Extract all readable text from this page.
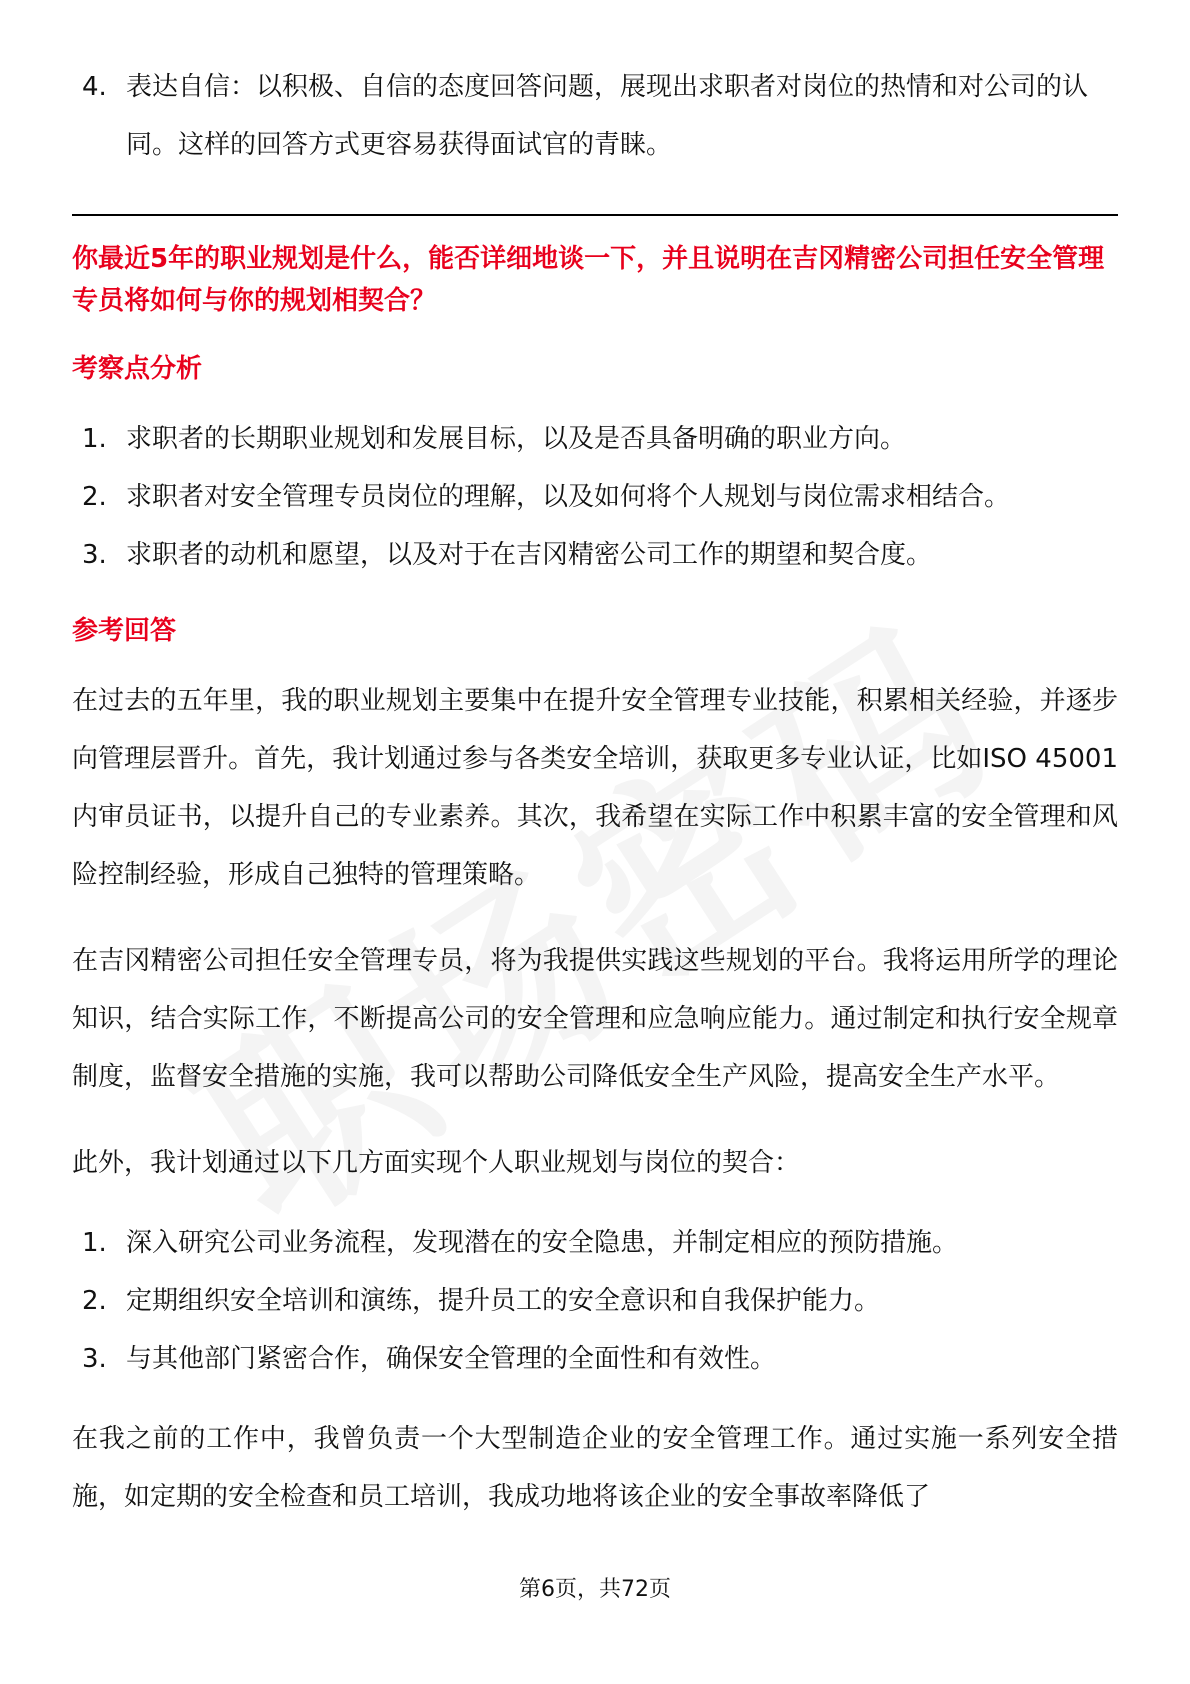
4. 表达自信：以积极、自信的态度回答问题，展现出求职者对岗位的热情和对公司的认同。这样的回答方式更容易获得面试官的青睐。
你最近5年的职业规划是什么，能否详细地谈一下，并且说明在吉冈精密公司担任安全管理专员将如何与你的规划相契合？
考察点分析
1. 求职者的长期职业规划和发展目标，以及是否具备明确的职业方向。
2. 求职者对安全管理专员岗位的理解，以及如何将个人规划与岗位需求相结合。
3. 求职者的动机和愿望，以及对于在吉冈精密公司工作的期望和契合度。
参考回答
在过去的五年里，我的职业规划主要集中在提升安全管理专业技能，积累相关经验，并逐步向管理层晋升。首先，我计划通过参与各类安全培训，获取更多专业认证，比如ISO 45001内审员证书，以提升自己的专业素养。其次，我希望在实际工作中积累丰富的安全管理和风险控制经验，形成自己独特的管理策略。
在吉冈精密公司担任安全管理专员，将为我提供实践这些规划的平台。我将运用所学的理论知识，结合实际工作，不断提高公司的安全管理和应急响应能力。通过制定和执行安全规章制度，监督安全措施的实施，我可以帮助公司降低安全生产风险，提高安全生产水平。
此外，我计划通过以下几方面实现个人职业规划与岗位的契合：
1. 深入研究公司业务流程，发现潜在的安全隐患，并制定相应的预防措施。
2. 定期组织安全培训和演练，提升员工的安全意识和自我保护能力。
3. 与其他部门紧密合作，确保安全管理的全面性和有效性。
在我之前的工作中，我曾负责一个大型制造企业的安全管理工作。通过实施一系列安全措施，如定期的安全检查和员工培训，我成功地将该企业的安全事故率降低了
第6页，共72页
